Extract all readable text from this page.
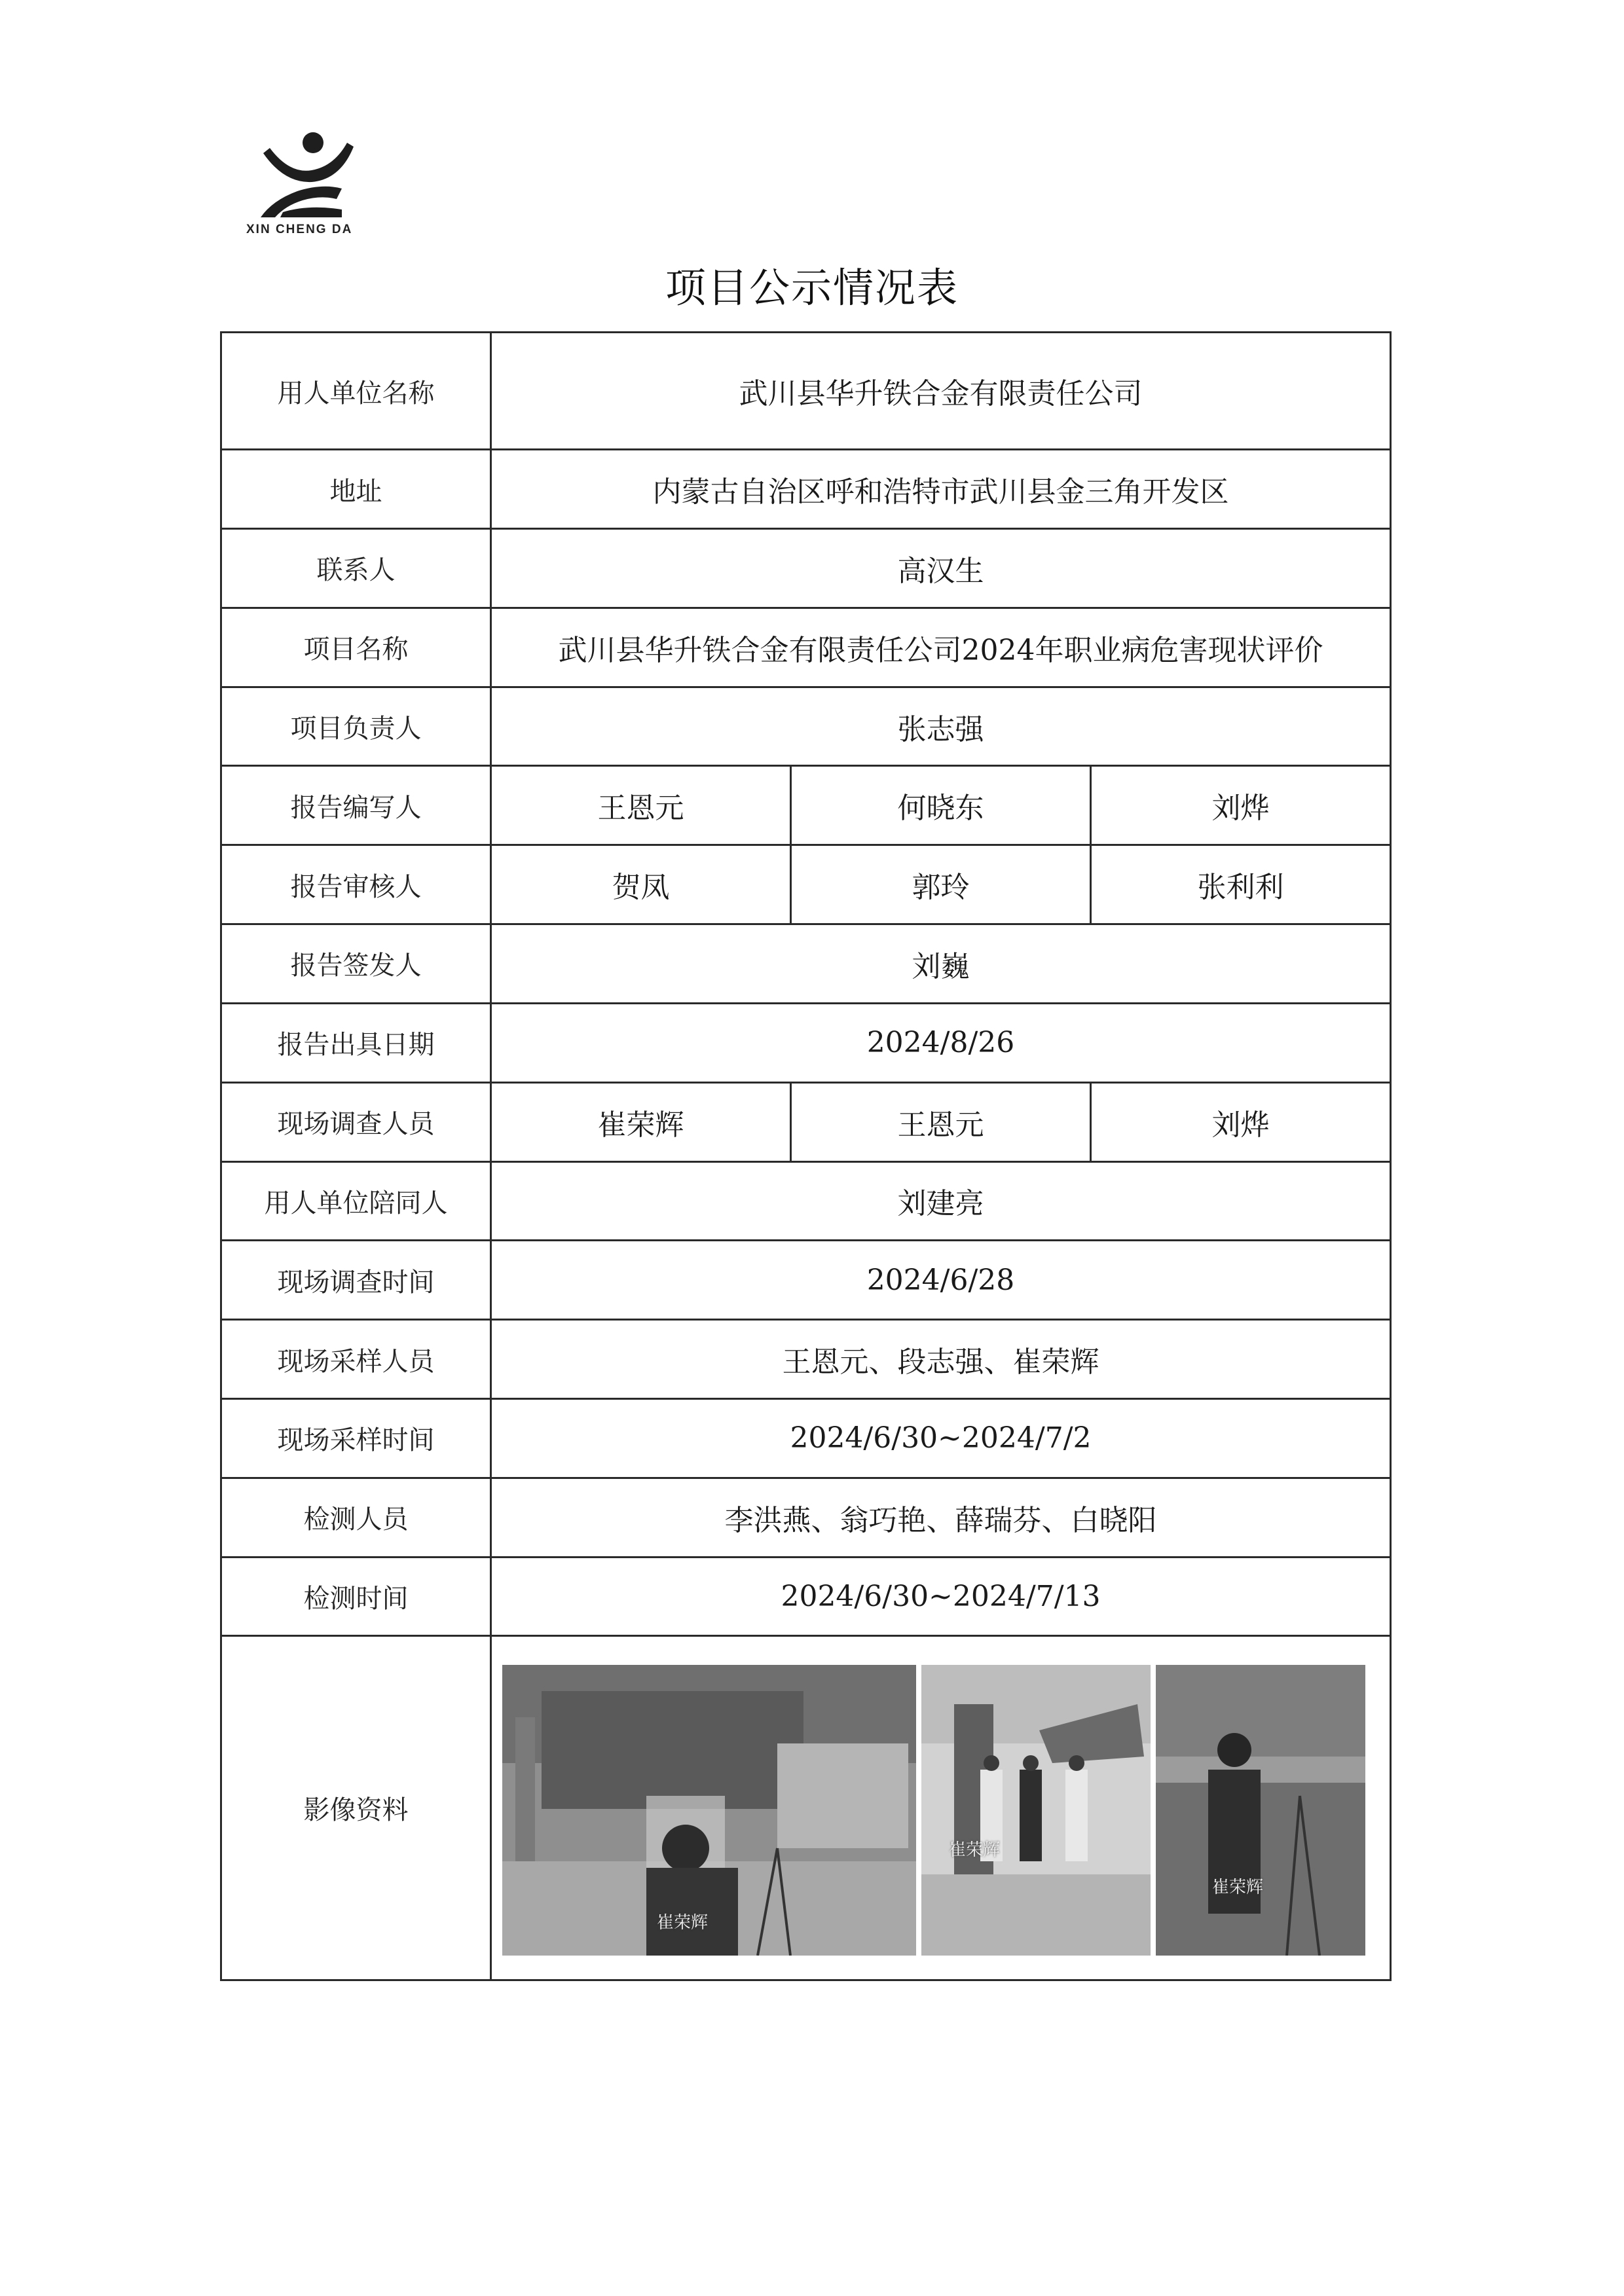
XIN CHENG DA
项目公示情况表
用人单位名称	武川县华升铁合金有限责任公司		
地址	内蒙古自治区呼和浩特市武川县金三角开发区		
联系人	高汉生		
项目名称	武川县华升铁合金有限责任公司2024年职业病危害现状评价		
项目负责人	张志强		
报告编写人	王恩元	何晓东	刘烨
报告审核人	贺凤	郭玲	张利利
报告签发人	刘巍		
报告出具日期	2024/8/26		
现场调查人员	崔荣辉	王恩元	刘烨
用人单位陪同人	刘建亮		
现场调查时间	2024/6/28		
现场采样人员	王恩元、段志强、崔荣辉		
现场采样时间	2024/6/30~2024/7/2		
检测人员	李洪燕、翁巧艳、薛瑞芬、白晓阳		
检测时间	2024/6/30~2024/7/13		
影像资料	崔荣辉
崔荣辉
崔荣辉		
